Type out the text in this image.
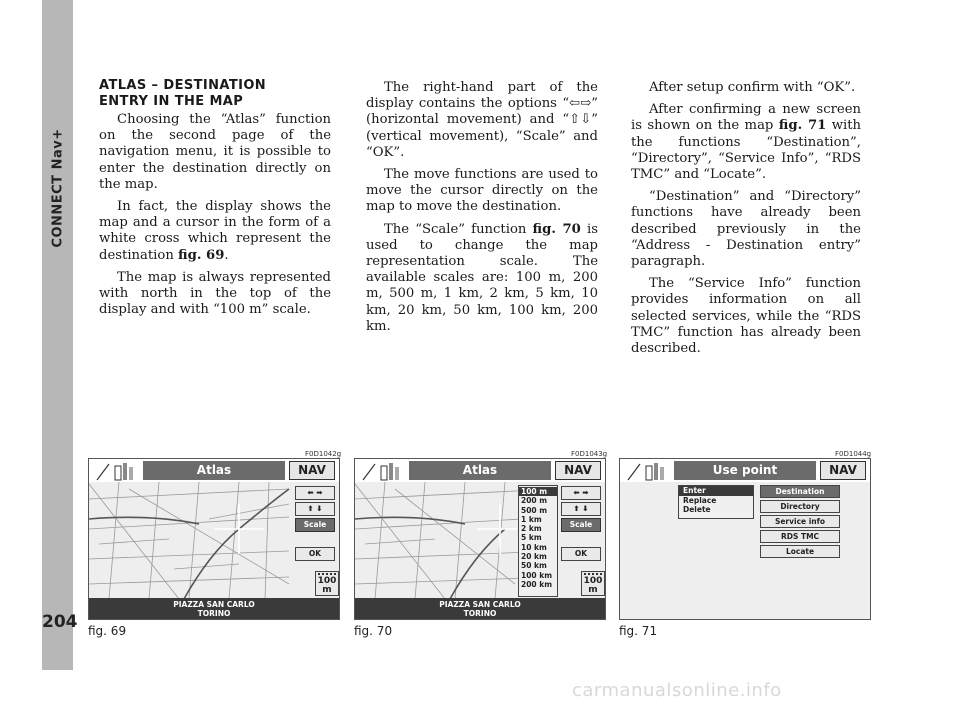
CONNECT Nav+
204
ATLAS – DESTINATION
ENTRY IN THE MAP

Choosing the “Atlas” function on the second page of the navigation menu, it is possible to enter the destination directly on the map.

In fact, the display shows the map and a cursor in the form of a white cross which represent the destination fig. 69.

The map is always represented with north in the top of the display and with “100 m” scale.

The right-hand part of the display contains the options “⇦⇨” (horizontal movement) and “⇧⇩” (vertical movement), “Scale” and “OK”.

The move functions are used to move the cursor directly on the map to move the destination.

The “Scale” function fig. 70 is used to change the map representation scale. The available scales are: 100 m, 200 m, 500 m, 1 km, 2 km, 5 km, 10 km, 20 km, 50 km, 100 km, 200 km.

After setup confirm with “OK”.

After confirming a new screen is shown on the map fig. 71 with the functions “Destination”, “Directory”, “Service Info”, “RDS TMC” and “Locate”.

“Destination” and “Directory” functions have already been described previously in the “Address - Destination entry” paragraph.

The “Service Info” function provides information on all selected services, while the “RDS TMC” function has already been described.

F0D1042g
Atlas	NAV
⬅ ➡
⬆ ⬇
Scale
OK
100
m
PIAZZA SAN CARLO
TORINO
fig. 69
F0D1043g
Atlas	NAV
100 m
200 m
500 m
1 km
2 km
5 km
10 km
20 km
50 km
100 km
200 km
⬅ ➡
⬆ ⬇
Scale
OK
100
m
PIAZZA SAN CARLO
TORINO
fig. 70
F0D1044g
Use point	NAV
Enter
Replace
Delete
Destination
Directory
Service info
RDS TMC
Locate
fig. 71
carmanualsonline.info
